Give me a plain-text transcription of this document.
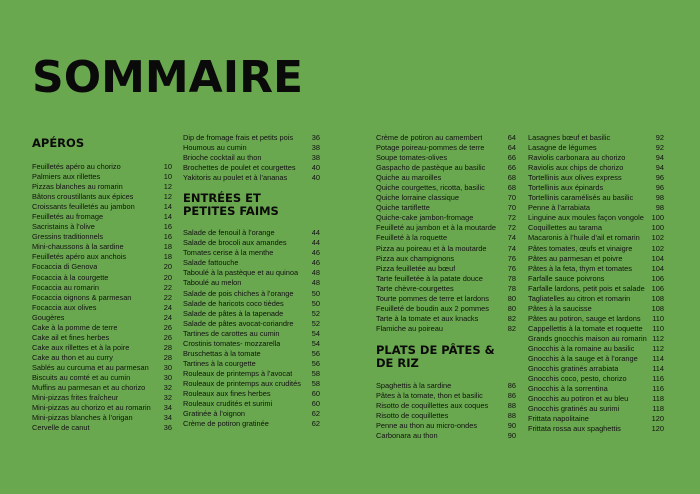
SOMMAIRE
APÉROS
Feuilletés apéro au chorizo	10
Palmiers aux rillettes	10
Pizzas blanches au romarin	12
Bâtons croustillants aux épices	12
Croissants feuilletés au jambon	14
Feuilletés au fromage	14
Sacristains à l’olive	16
Gressins traditionnels	16
Mini-chaussons à la sardine	18
Feuilletés apéro aux anchois	18
Focaccia di Genova	20
Focaccia à la courgette	20
Focaccia au romarin	22
Focaccia oignons & parmesan	22
Focaccia aux olives	24
Gougères	24
Cake à la pomme de terre	26
Cake ail et fines herbes	26
Cake aux rillettes et à la poire	28
Cake au thon et au curry	28
Sablés au curcuma et au parmesan 30
Biscuits au comté et au cumin	30
Muffins au parmesan et au chorizo	32
Mini-pizzas frites fraîcheur	32
Mini-pizzas au chorizo et au romarin 34
Mini-pizzas blanches à l’origan	34
Cervelle de canut	36
Dip de fromage frais et petits pois	36
Houmous au cumin	38
Brioche cocktail au thon	38
Brochettes de poulet et courgettes 40
Yakitoris au poulet et à l’ananas	40
ENTRÉES ET
PETITES FAIMS
Salade de fenouil à l’orange	44
Salade de brocoli aux amandes	44
Tomates cerise à la menthe	46
Salade fattouche	46
Taboulé à la pastèque et au quinoa 48
Taboulé au melon	48
Salade de pois chiches à l’orange 50
Salade de haricots coco tièdes	50
Salade de pâtes à la tapenade	52
Salade de pâtes avocat-coriandre 52
Tartines de carottes au cumin	54
Crostinis tomates- mozzarella	54
Bruschettas à la tomate	56
Tartines à la courgette	56
Rouleaux de printemps à l’avocat	58
Rouleaux de printemps aux crudités 58
Rouleaux aux fines herbes	60
Rouleaux crudités et surimi	60
Gratinée à l’oignon	62
Crème de potiron gratinée	62
Crème de potiron au camembert	64
Potage poireau-pommes de terre	64
Soupe tomates-olives	66
Gaspacho de pastèque au basilic	66
Quiche au maroilles	68
Quiche courgettes, ricotta, basilic	68
Quiche lorraine classique	70
Quiche tartiflette	70
Quiche-cake jambon-fromage	72
Feuilleté au jambon et à la moutarde 72
Feuilleté à la roquette	74
Pizza au poireau et à la moutarde	74
Pizza aux champignons	76
Pizza feuilletée au bœuf	76
Tarte feuilletée à la patate douce	78
Tarte chèvre-courgettes	78
Tourte pommes de terre et lardons	80
Feuilleté de boudin aux 2 pommes	80
Tarte à la tomate et aux knacks	82
Flamiche au poireau	82
PLATS DE PÂTES & DE RIZ
Spaghettis à la sardine	86
Pâtes à la tomate, thon et basilic	86
Risotto de coquillettes aux coques	88
Risotto de coquillettes	88
Penne au thon au micro-ondes	90
Carbonara au thon	90
Lasagnes bœuf et basilic	92
Lasagne de légumes	92
Raviolis carbonara au chorizo	94
Raviolis aux chips de chorizo	94
Tortellinis aux olives express	96
Tortellinis aux épinards	96
Tortellinis caramélisés au basilic	98
Penne à l’arrabiata	98
Linguine aux moules façon vongole 100
Coquillettes au tarama	100
Macaronis à l’huile d’ail et romarin 102
Pâtes tomates, œufs et vinaigre	102
Pâtes au parmesan et poivre	104
Pâtes à la feta, thym et tomates	104
Farfalle sauce poivrons	106
Farfalle lardons, petit pois et salade 106
Tagliatelles au citron et romarin	108
Pâtes à la saucisse	108
Pâtes au potiron, sauge et lardons 110
Cappellettis à la tomate et roquette 110
Grands gnocchis maison au romarin 112
Gnocchis à la romaine au basilic 112
Gnocchis à la sauge et à l’orange 114
Gnocchis gratinés arrabiata	114
Gnocchis coco, pesto, chorizo	116
Gnocchis à la sorrentina	116
Gnocchis au potiron et au bleu	118
Gnocchis gratinés au surimi	118
Frittata napolitaine	120
Frittata rossa aux spaghettis	120
